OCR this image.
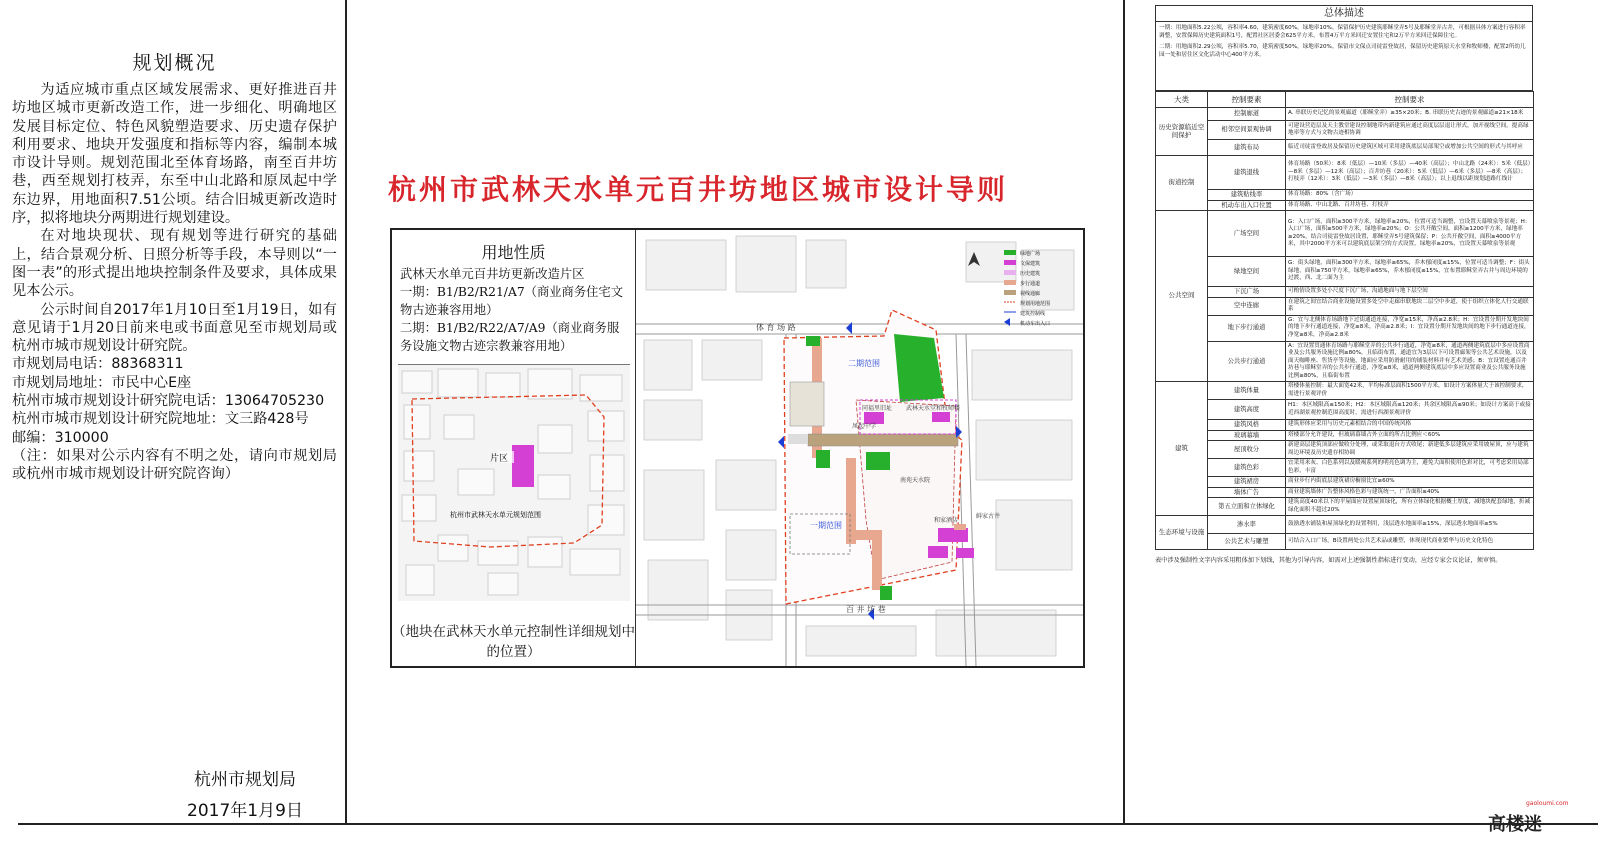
规划概况

为适应城市重点区域发展需求、更好推进百井坊地区城市更新改造工作，进一步细化、明确地区发展目标定位、特色风貌塑造要求、历史遗存保护利用要求、地块开发强度和指标等内容，编制本城市设计导则。规划范围北至体育场路，南至百井坊巷，西至规划打枝弄，东至中山北路和原凤起中学东边界，用地面积7.51公顷。结合旧城更新改造时序，拟将地块分两期进行规划建设。

在对地块现状、现有规划等进行研究的基础上，结合景观分析、日照分析等手段，本导则以“一图一表”的形式提出地块控制条件及要求，具体成果见本公示。

公示时间自2017年1月10日至1月19日，如有意见请于1月20日前来电或书面意见至市规划局或杭州市城市规划设计研究院。

市规划局电话：88368311

市规划局地址：市民中心E座

杭州市城市规划设计研究院电话：13064705230

杭州市城市规划设计研究院地址：文三路428号

邮编：310000

（注：如果对公示内容有不明之处，请向市规划局或杭州市城市规划设计研究院咨询）

杭州市规划局
2017年1月9日
杭州市武林天水单元百井坊地区城市设计导则
用地性质

武林天水单元百井坊更新改造片区

一期：B1/B2/R21/A7（商业商务住宅文物古迹兼容用地）

二期：B1/B2/R22/A7/A9（商业商务服务设施文物古迹宗教兼容用地）

片区
杭州市武林天水单元规划范围
（地块在武林天水单元控制性详细规划中的位置）
体 育 场 路
百 井 坊 巷
二期范围
一期范围
南苑天水院
和家酒店
鲜家古井
同福里旧址
凤起中学
武林天水堂和牧师楼
绿地广场
文保建筑
历史建筑
步行通道
视线通廊
规划用地范围
建筑控制线
机动车出入口
总体描述

一期：用地面积5.22公顷，容积率4.60，建筑密度60%，绿地率10%。保留保护历史建筑耶稣堂弄5号及耶稣堂弄古井，可根据具体方案进行容积率调整，安置保障历史建筑面积1号，配置社区居委会625平方米，布置4万平方米回迁安置住宅和2万平方米回迁保障住宅。

二期：用地面积2.29公顷，容积率5.70，建筑密度50%，绿地率20%。保留市文保点司徒雷登故居，保留历史建筑原天水堂和牧师楼，配置2所幼儿园一处和居住区文化活动中心400平方米。

大类	控制要素	控制要求
历史资源临近空间保护	控制廊道	A. 串联历史记忆的景观廊道（耶稣堂弄）≥35×20米；B. 串联历史古迹的景观廊道≥21×18米
	相邻空间景观协调	可建设营造层及天主教堂建设控制地带内新建筑应通过高度层层退让形式，加开视线空间，提高绿地率等方式与文物古迹相协调
	建筑布局	临近司徒雷登故居及保留历史建筑区域可采用建筑底层局部架空或增加公共空间的形式与其呼应
街道控制	建筑退线	体育场路（50米）：8米（低层）—10米（多层）—40米（高层）；中山北路（24米）：5米（低层）—8米（多层）—12米（高层）；百井坊巷（20米）：5米（低层）—6米（多层）—8米（高层）；打枝弄（12米）：3米（低层）—3米（多层）—8米（高层）；以上退线以距规划道路红线计
	建筑贴线率	体育场路：80%（含广场）
	机动车出入口位置	体育场路、中山北路、百井坊巷、打枝弄
公共空间	广场空间	G：入口广场，面积≥300平方米，绿地率≥20%，位置可适当调整，宜设置天幕喷泉等景观；H：入口广场，面积≥500平方米，绿地率≥20%；O：公共开敞空间，面积≥1200平方米，绿地率≥20%，结合司徒雷登故居设置，耶稣堂弄5号建筑保留；P：公共开敞空间，面积≥4000平方米，其中2000平方米可以建筑底层架空的方式设置，绿地率≥20%，宜设置天幕喷泉等景观
	绿地空间	G：街头绿地，面积≥300平方米，绿地率≥65%，乔木郁闭度≤15%，位置可适当调整；F：街头绿地，面积≥750平方米，绿地率≥65%，乔木郁闭度≤15%，宜布置耶稣堂弄古井与周边环境的过渡，西、北二面为主
	下沉广场	可酌情设置多处小尺度下沉广场，沟通地面与地下层空间
	空中连廊	在建筑之间宜结合商业设施设置多处空中走廊串联地块二层空中步道，使于组织立体化人行交通联系
	地下步行通道	G：宜与北侧体育场路地下过街通道连接，净宽≥15米，净高≥2.8米；H：宜设置分期开发地块间的地下步行通道连接，净宽≥8米，净高≥2.8米；I：宜设置分期开发地块间的地下步行通道连接，净宽≥8米，净高≥2.8米
	公共步行通道	A：宜设置贯通体育场路与耶稣堂弄的公共步行通道，净宽≥8米，通道两侧建筑底层中多应设置商业及公共服务设施比例≥80%，且临街布置，通道宜为3层以下可设置廊架等公共艺术设施，以及面天咖啡座、售货亭等设施，地面应采用防滑耐用的铺装材料并有艺术美感；B：宜设置连通百井坊巷与耶稣堂弄的公共步行通道，净宽≥8米，通道两侧建筑底层中多应设置商业及公共服务设施比例≥80%，且临街布置
建筑	建筑体量	塔楼体量控制：最大面宽42米，平均标准层面积1500平方米，如设计方案体量大于该控制要求，需进行景观评价
	建筑高度	H1：本区域限高≤150米；H2：本区域限高≤120米；其余区域限高≤90米；如设计方案高于或接近西湖景观控制范围高度时，需进行西湖景观评价
	建筑风格	建筑形体应采用与历史元素相结合的中国传统风格
	玻璃幕墙	塔楼部分允许建设，但玻璃幕墙占外立面的所占比例应＜60%
	屋顶收分	新建高层建筑顶部应做收分处理，或采取退台方式收尾；新建低多层建筑应采用坡屋顶，应与建筑周边环境及历史遗存相协调
	建筑色彩	宜采用米灰、白色系列以及暖褐系列的明亮色调为主，避免大面积使用色彩对比，可考虑采用局部色彩，丰富
	建筑裙房	商业步行内街底层建筑裙房橱窗比宜≥60%
	墙体广告	商业建筑墙体广告整体风格色彩与建筑统一，广告面积≤40%
	第五立面和立体绿化	建筑高度40米以下的平屋面应设置屋顶绿化，所有立体绿化根据概土厚度，减地块配套绿地，折减绿化面积不超过20%
生态环境与设施	渗水率	鼓励透水铺装和屋顶绿化的设置利用，浅层透水地面率≥15%，深层透水地面率≥5%
	公共艺术与雕塑	可结合入口广场，B设置两处公共艺术品或雕塑，体现现代商业繁华与历史文化特色
表中涉及强制性文字内容采用粗体加下划线，其他为引导内容，如需对上述强制性指标进行变动，应经专家会议论证，须审慎。
高楼迷
gaoloumi.com
